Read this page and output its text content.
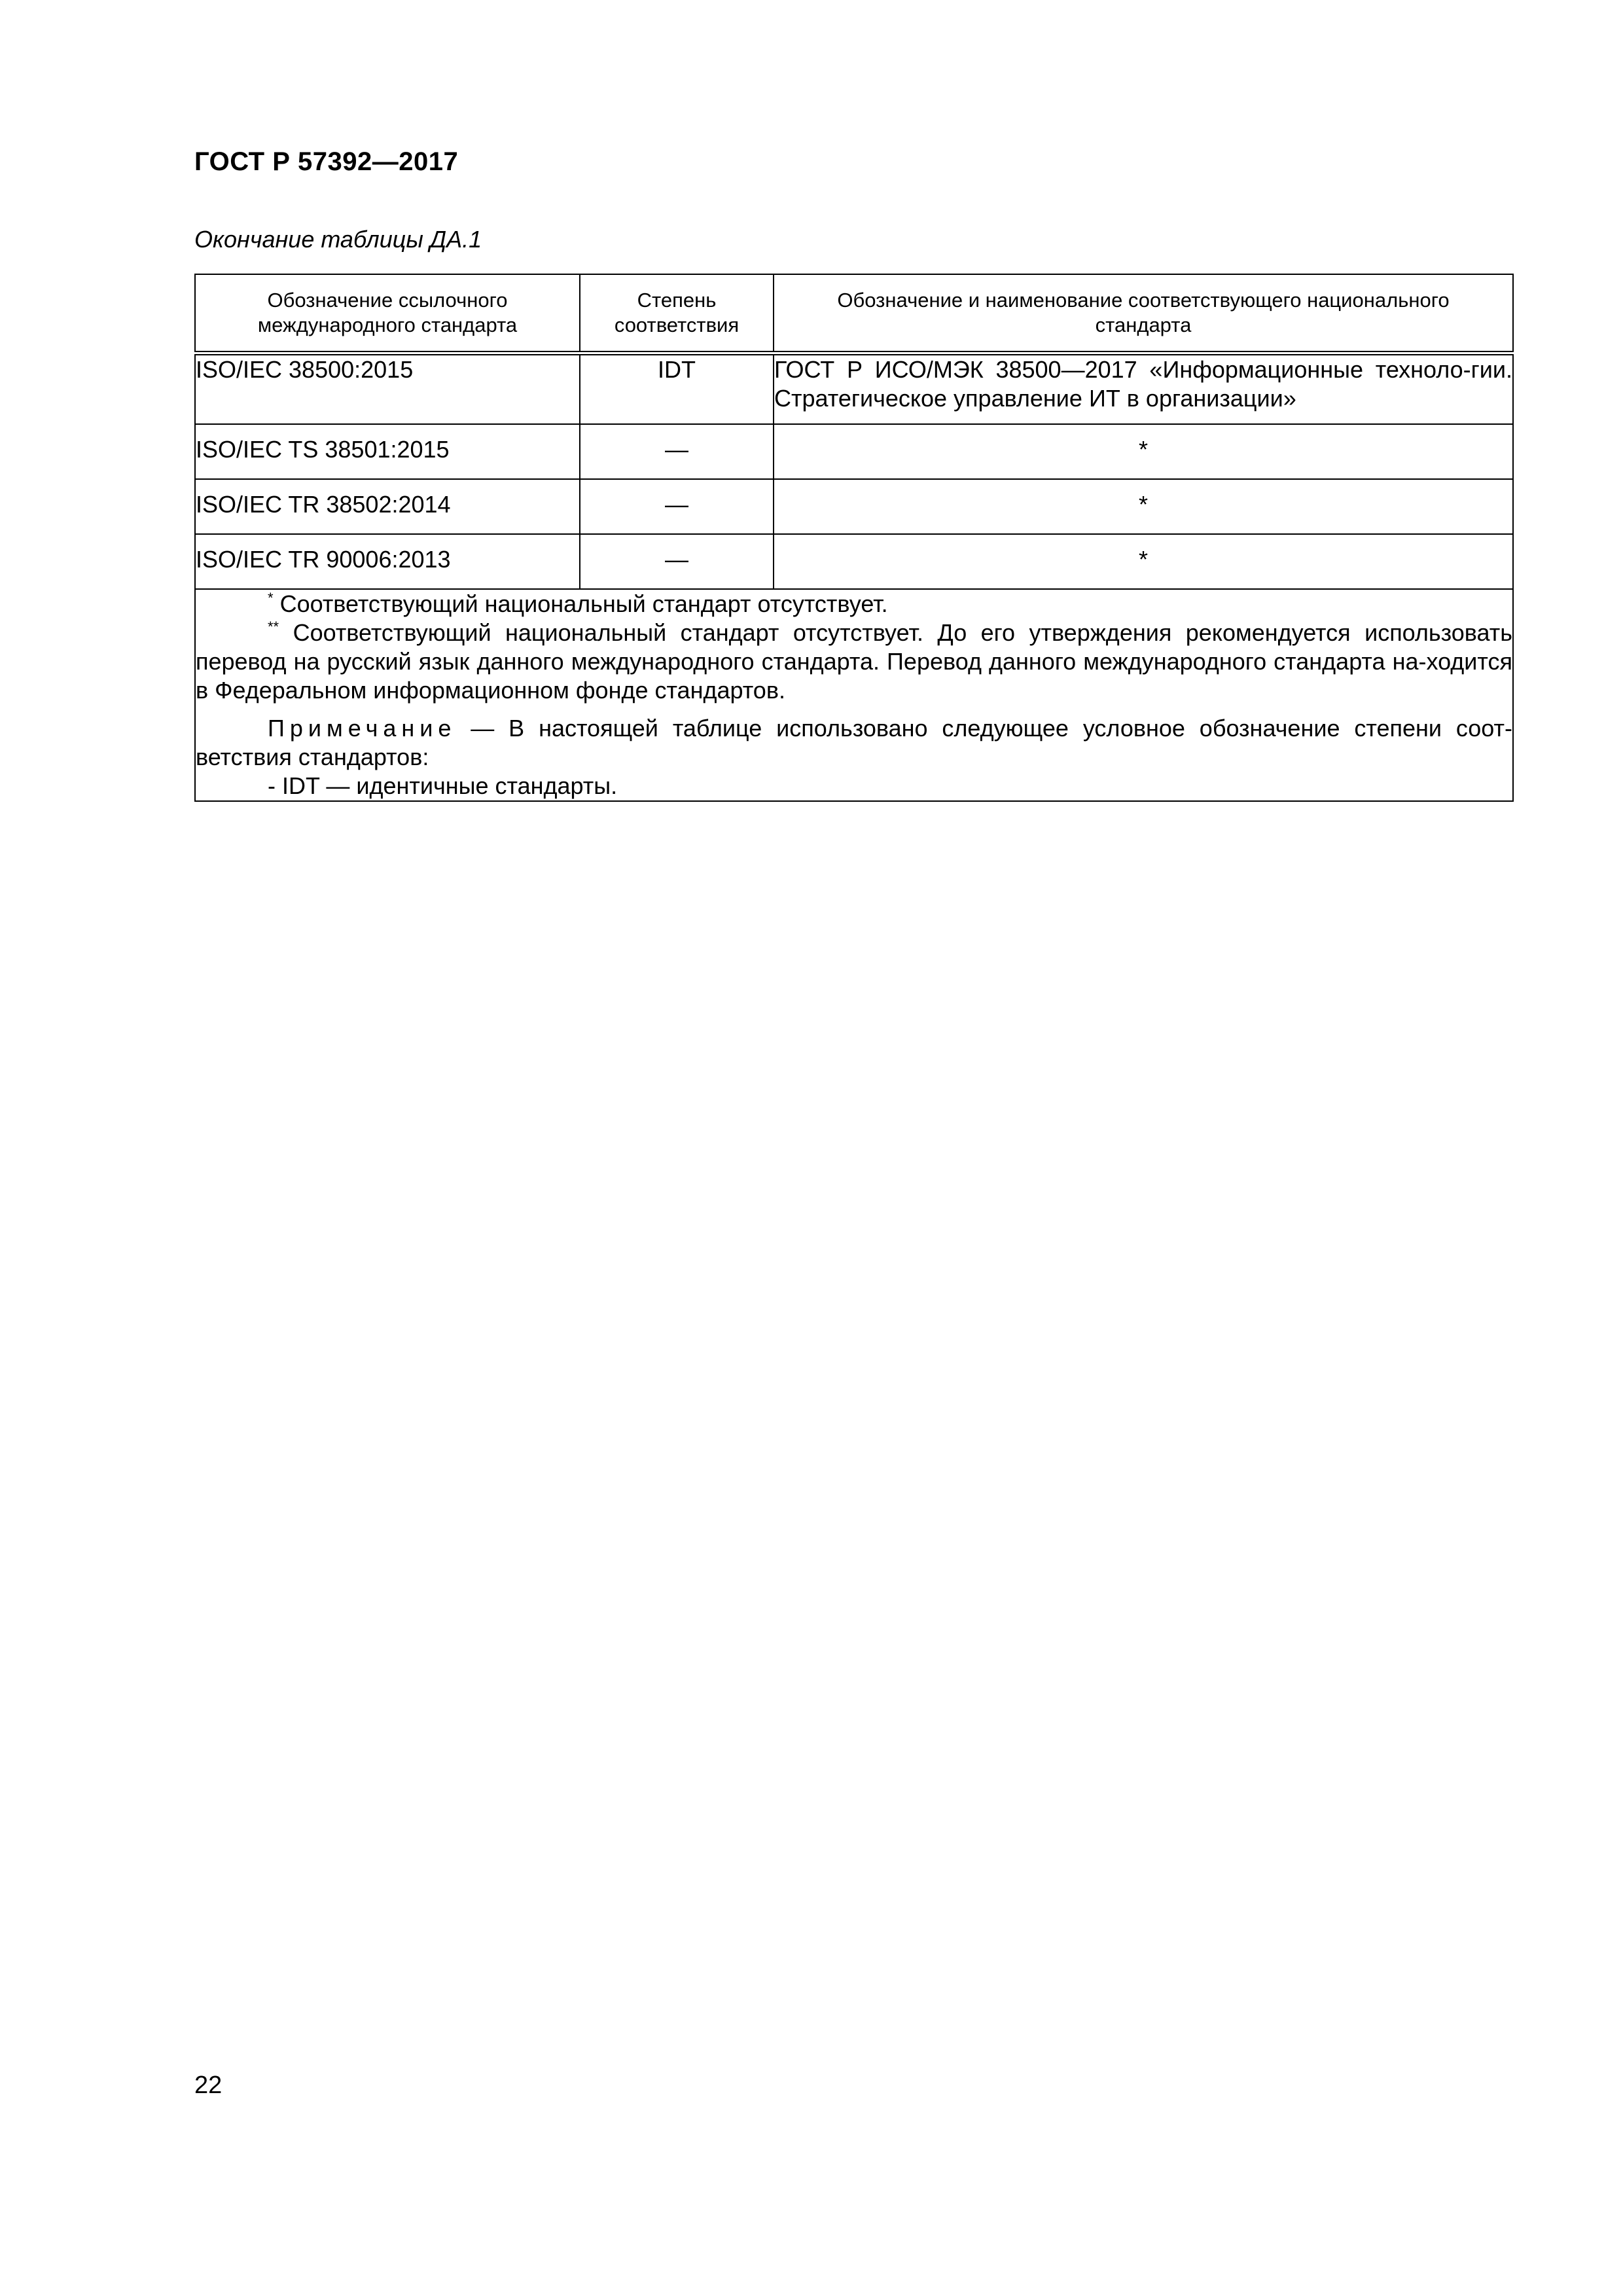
ГОСТ Р 57392—2017
Окончание таблицы ДА.1
Обозначение ссылочного международного стандарта	Степень соответствия	Обозначение и наименование соответствующего национального стандарта
ISO/IEC 38500:2015	IDT	ГОСТ Р ИСО/МЭК 38500—2017 «Информационные техноло-гии. Стратегическое управление ИТ в организации»
ISO/IEC TS 38501:2015	—	*
ISO/IEC TR 38502:2014	—	*
ISO/IEC TR 90006:2013	—	*

* Соответствующий национальный стандарт отсутствует.
** Соответствующий национальный стандарт отсутствует. До его утверждения рекомендуется использовать перевод на русский язык данного международного стандарта. Перевод данного международного стандарта на-ходится в Федеральном информационном фонде стандартов.
Примечание — В настоящей таблице использовано следующее условное обозначение степени соот-ветствия стандартов:
- IDT — идентичные стандарты.		
22
